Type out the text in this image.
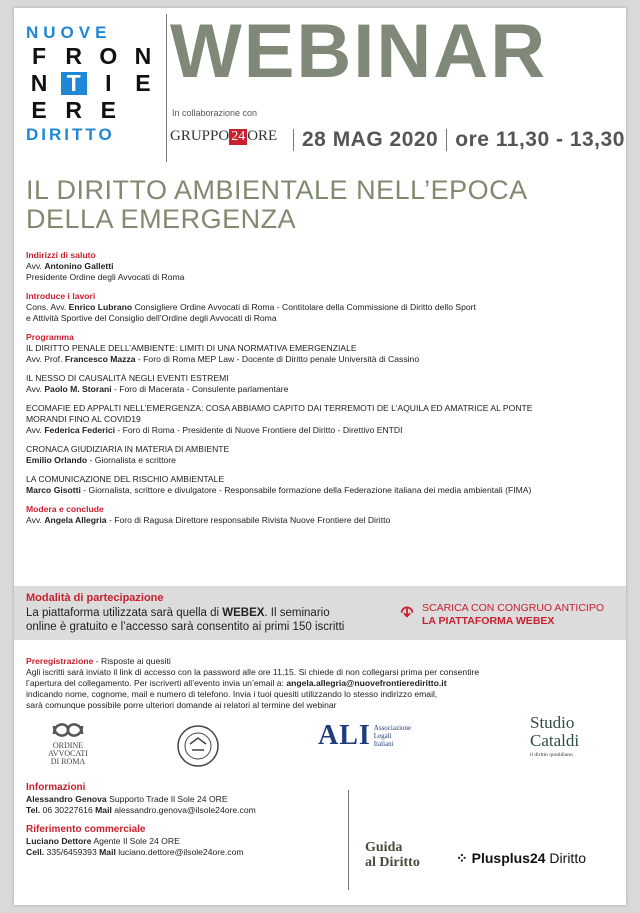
NUOVE
F R O N
N T	I	E
E R E
DIRITTO
WEBINAR
In collaborazione con
GRUPPO 24 ORE	28 MAG 2020 ore 11,30 - 13,30
IL DIRITTO AMBIENTALE NELL’EPOCA
DELLA EMERGENZA
Indirizzi di saluto
Avv. Antonino Galletti
Presidente Ordine degli Avvocati di Roma
Introduce i lavori
Cons. Avv. Enrico Lubrano Consigliere Ordine Avvocati di Roma - Contitolare della Commissione di Diritto dello Sport
e Attività Sportive del Consiglio dell’Ordine degli Avvocati di Roma
Programma
IL DIRITTO PENALE DELL’AMBIENTE: LIMITI DI UNA NORMATIVA EMERGENZIALE
Avv. Prof. Francesco Mazza - Foro di Roma MEP Law - Docente di Diritto penale Università di Cassino
IL NESSO DI CAUSALITÀ NEGLI EVENTI ESTREMI
Avv. Paolo M. Storani - Foro di Macerata - Consulente parlamentare
ECOMAFIE ED APPALTI NELL’EMERGENZA: COSA ABBIAMO CAPITO DAI TERREMOTI DE L’AQUILA ED AMATRICE AL PONTE
MORANDI FINO AL COVID19
Avv. Federica Federici - Foro di Roma - Presidente di Nuove Frontiere del Diritto - Direttivo ENTDI
CRONACA GIUDIZIARIA IN MATERIA DI AMBIENTE
Emilio Orlando - Giornalista e scrittore
LA COMUNICAZIONE DEL RISCHIO AMBIENTALE
Marco Gisotti - Giornalista, scrittore e divulgatore - Responsabile formazione della Federazione italiana dei media ambientali (FIMA)
Modera e conclude
Avv. Angela Allegria - Foro di Ragusa Direttore responsabile Rivista Nuove Frontiere del Diritto
Modalità di partecipazione
La piattaforma utilizzata sarà quella di WEBEX. Il seminario
online è gratuito e l’accesso sarà consentito ai primi 150 iscritti
SCARICA CON CONGRUO ANTICIPO
LA PIATTAFORMA WEBEX
Preregistrazione - Risposte ai quesiti
Agli iscritti sarà inviato il link di accesso con la password alle ore 11,15. Si chiede di non collegarsi prima per consentire
l’apertura del collegamento. Per iscriverti all’evento invia un’email a: angela.allegria@nuovefrontierediritto.it
indicando nome, cognome, mail e numero di telefono. Invia i tuoi quesiti utilizzando lo stesso indirizzo email,
sarà comunque possibile porre ulteriori domande ai relatori al termine del webinar
ORDINE
AVVOCATI
DI ROMA
ALI Associazione
Legali
Italiani
Studio
Cataldi
il diritto quotidiano
Informazioni
Alessandro Genova Supporto Trade Il Sole 24 ORE
Tel. 06 30227616 Mail alessandro.genova@ilsole24ore.com
Riferimento commerciale
Luciano Dettore Agente Il Sole 24 ORE
Cell. 335/6459393 Mail luciano.dettore@ilsole24ore.com	Guida
al Diritto	⁘ Plusplus24 Diritto
